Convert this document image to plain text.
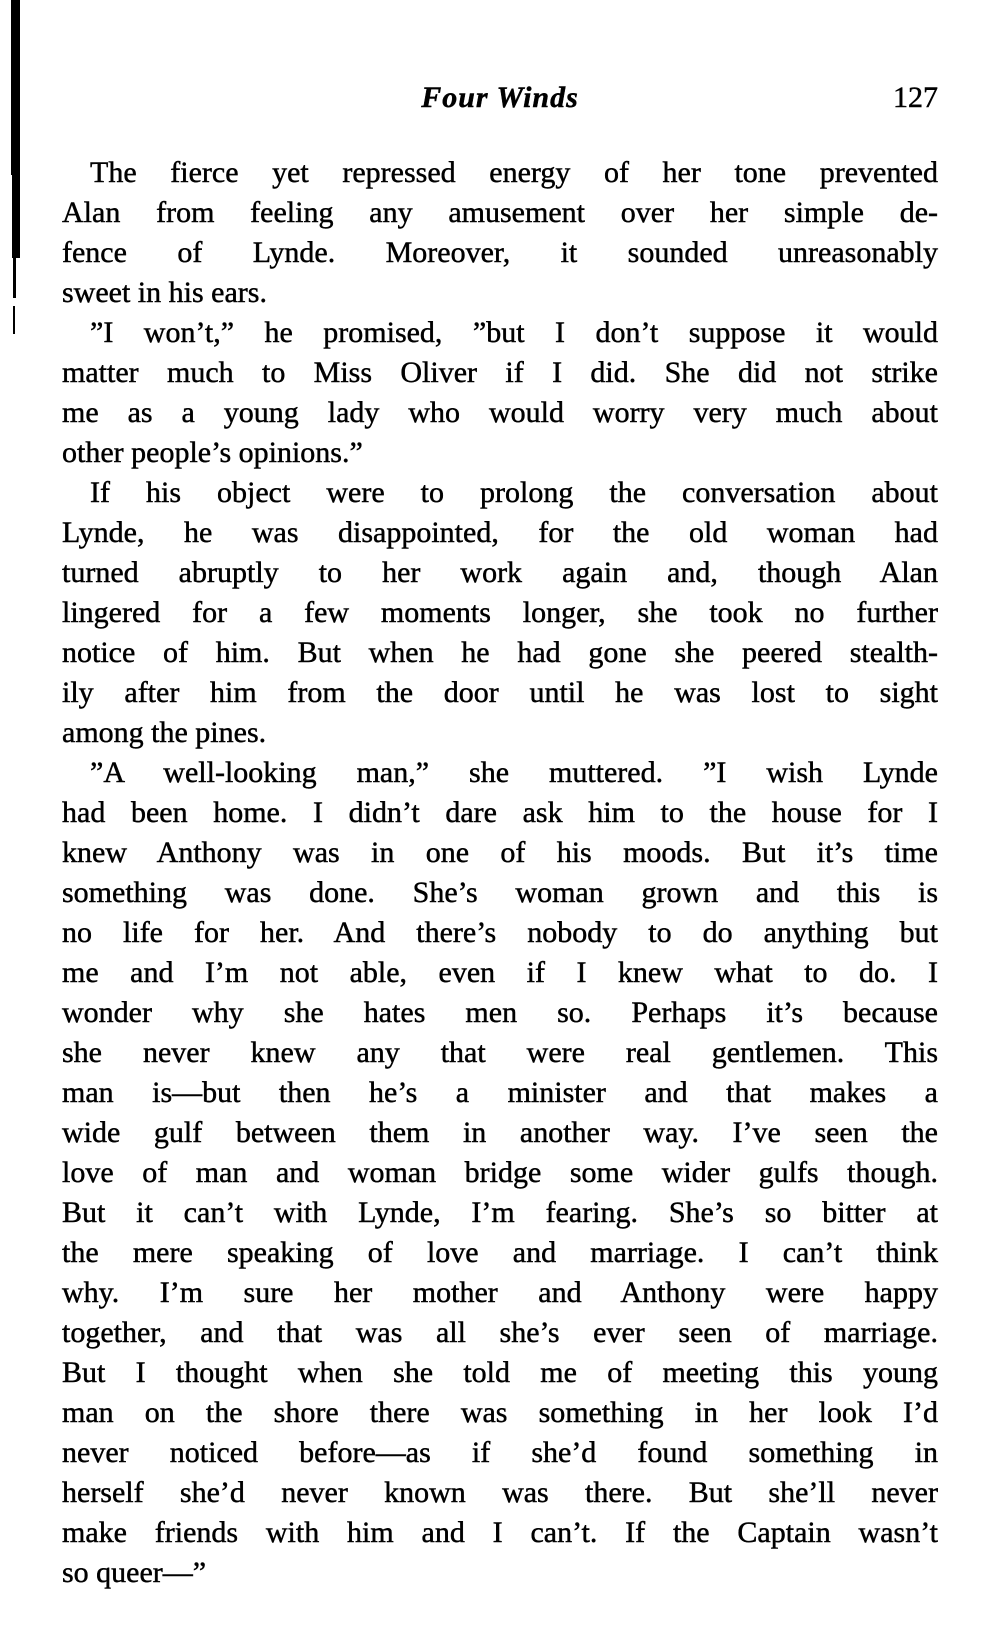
Four Winds	127
The fierce yet repressed energy of her tone prevented
Alan from feeling any amusement over her simple de-
fence of Lynde. Moreover, it sounded unreasonably
sweet in his ears.
”I won’t,” he promised, ”but I don’t suppose it would
matter much to Miss Oliver if I did. She did not strike
me as a young lady who would worry very much about
other people’s opinions.”
If his object were to prolong the conversation about
Lynde, he was disappointed, for the old woman had
turned abruptly to her work again and, though Alan
lingered for a few moments longer, she took no further
notice of him. But when he had gone she peered stealth-
ily after him from the door until he was lost to sight
among the pines.
”A well-looking man,” she muttered. ”I wish Lynde
had been home. I didn’t dare ask him to the house for I
knew Anthony was in one of his moods. But it’s time
something was done. She’s woman grown and this is
no life for her. And there’s nobody to do anything but
me and I’m not able, even if I knew what to do. I
wonder why she hates men so. Perhaps it’s because
she never knew any that were real gentlemen. This
man is—but then he’s a minister and that makes a
wide gulf between them in another way. I’ve seen the
love of man and woman bridge some wider gulfs though.
But it can’t with Lynde, I’m fearing. She’s so bitter at
the mere speaking of love and marriage. I can’t think
why. I’m sure her mother and Anthony were happy
together, and that was all she’s ever seen of marriage.
But I thought when she told me of meeting this young
man on the shore there was something in her look I’d
never noticed before—as if she’d found something in
herself she’d never known was there. But she’ll never
make friends with him and I can’t. If the Captain wasn’t
so queer—”
